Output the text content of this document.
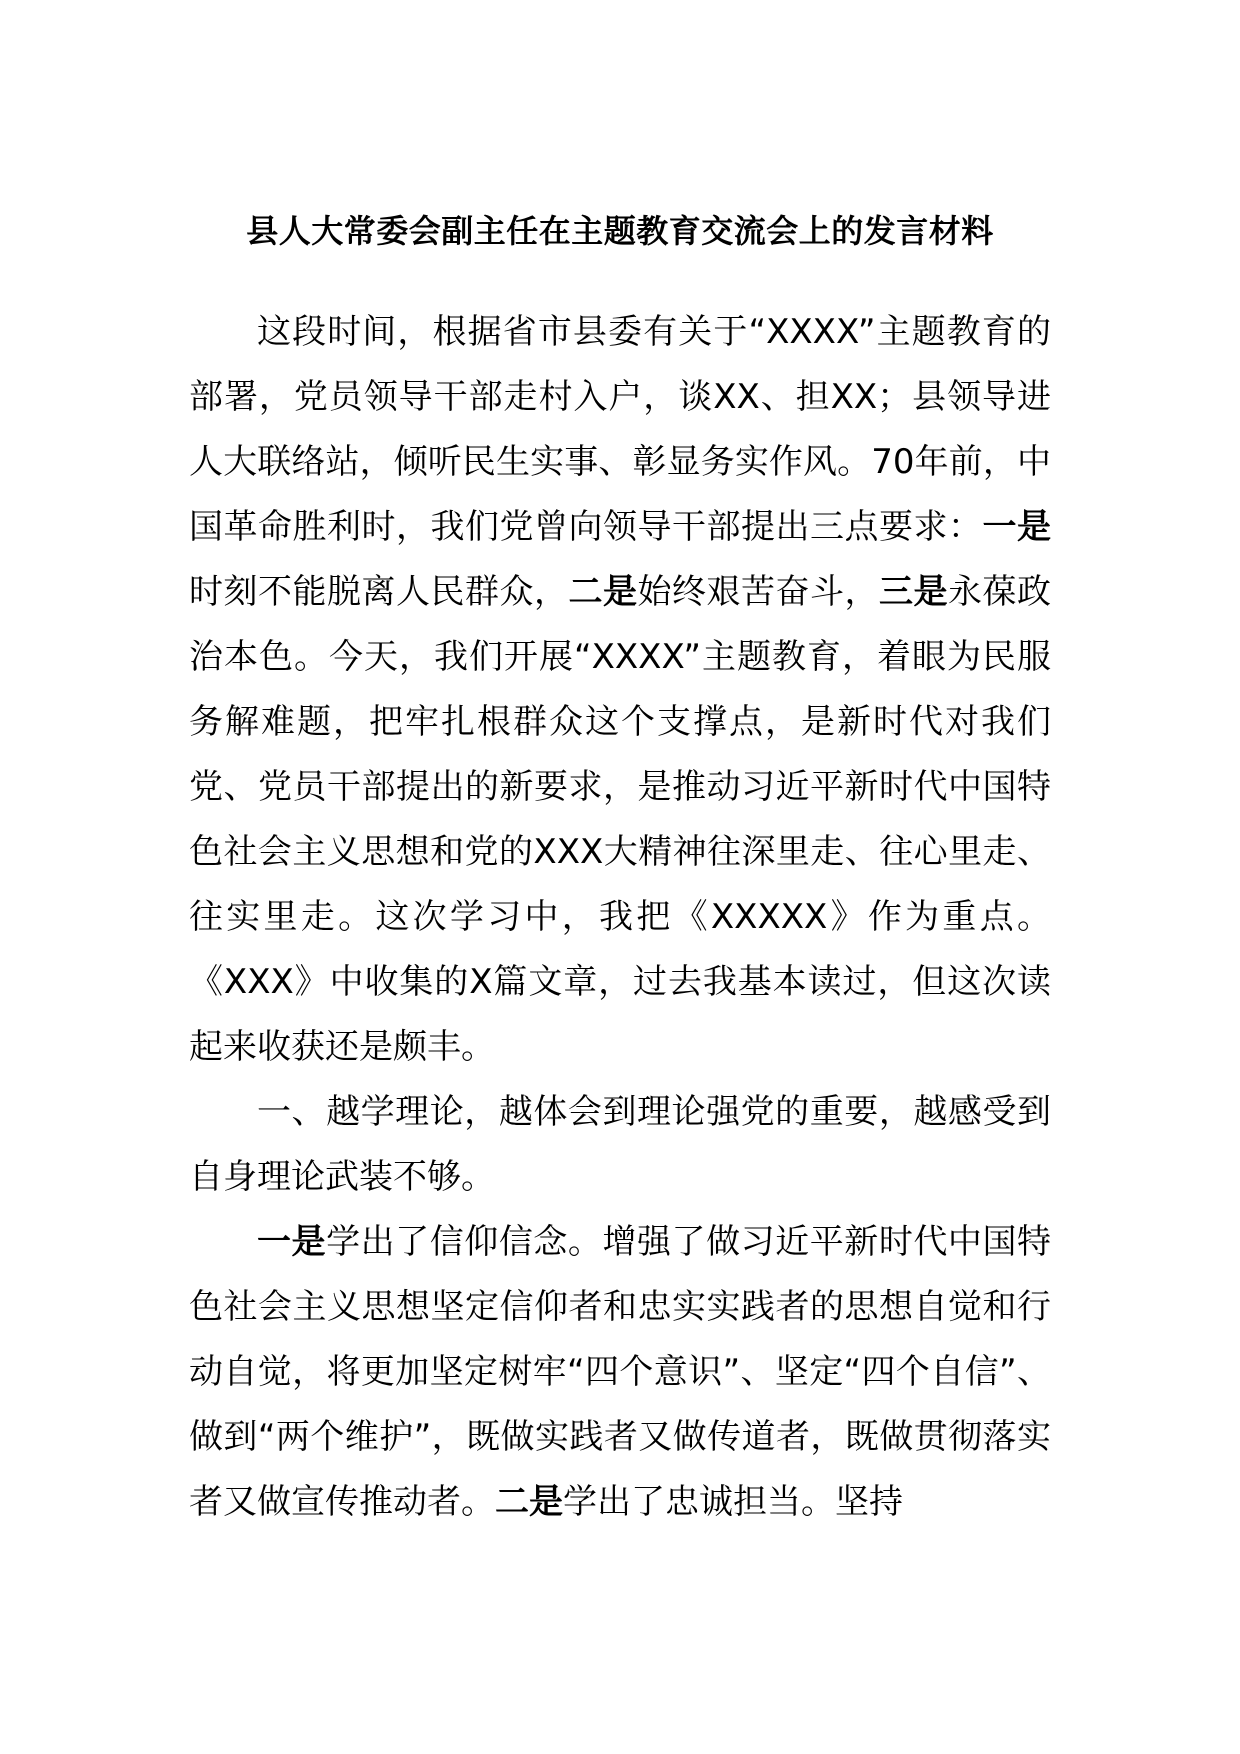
县人大常委会副主任在主题教育交流会上的发言材料

这段时间，根据省市县委有关于“XXXX”主题教育的部署，党员领导干部走村入户，谈XX、担XX；县领导进人大联络站，倾听民生实事、彰显务实作风。70年前，中国革命胜利时，我们党曾向领导干部提出三点要求：一是时刻不能脱离人民群众，二是始终艰苦奋斗，三是永葆政治本色。今天，我们开展“XXXX”主题教育，着眼为民服务解难题，把牢扎根群众这个支撑点，是新时代对我们党、党员干部提出的新要求，是推动习近平新时代中国特色社会主义思想和党的XXX大精神往深里走、往心里走、往实里走。这次学习中，我把《XXXXX》作为重点。《XXX》中收集的X篇文章，过去我基本读过，但这次读起来收获还是颇丰。

一、越学理论，越体会到理论强党的重要，越感受到自身理论武装不够。

一是学出了信仰信念。增强了做习近平新时代中国特色社会主义思想坚定信仰者和忠实实践者的思想自觉和行动自觉，将更加坚定树牢“四个意识”、坚定“四个自信”、做到“两个维护”，既做实践者又做传道者，既做贯彻落实者又做宣传推动者。二是学出了忠诚担当。坚持
